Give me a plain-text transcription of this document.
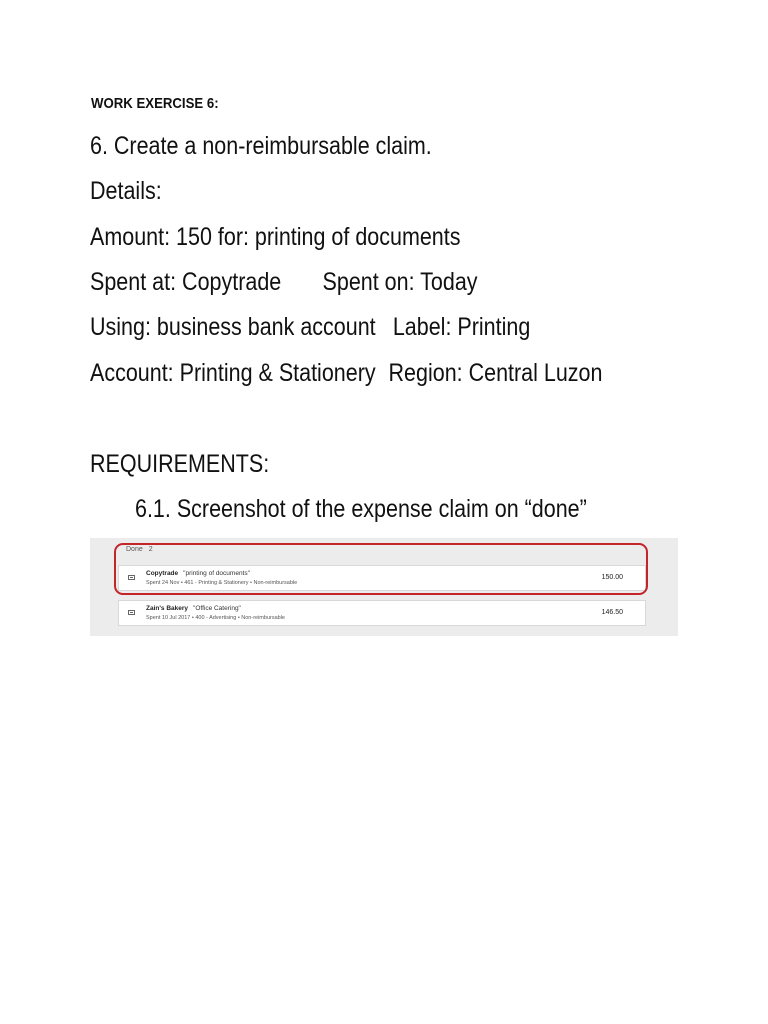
WORK EXERCISE 6:
6. Create a non-reimbursable claim.
Details:
Amount: 150 for: printing of documents
Spent at: Copytrade Spent on: Today
Using: business bank account Label: Printing
Account: Printing & Stationery Region: Central Luzon
REQUIREMENTS:
6.1. Screenshot of the expense claim on “done”
Done 2
Copytrade "printing of documents"
Spent 24 Nov • 461 - Printing & Stationery • Non-reimbursable
150.00
Zain's Bakery "Office Catering"
Spent 10 Jul 2017 • 400 - Advertising • Non-reimbursable
146.50
